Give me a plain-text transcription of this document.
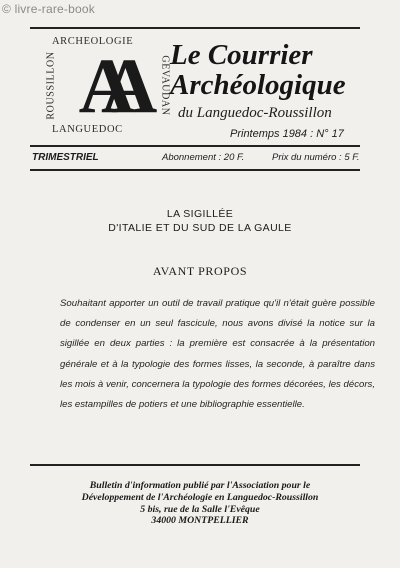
© livre-rare-book
ARCHEOLOGIE
ROUSSILLON	GEVAUDAN
AA
LANGUEDOC
Le Courrier
Archéologique
du Languedoc-Roussillon
Printemps 1984 : N° 17
TRIMESTRIEL	Abonnement : 20 F.	Prix du numéro : 5 F.
LA SIGILLÉE
D'ITALIE ET DU SUD DE LA GAULE
AVANT PROPOS
Souhaitant apporter un outil de travail pratique qu'il n'était guère possible de condenser en un seul fascicule, nous avons divisé la notice sur la sigillée en deux parties : la première est consacrée à la présentation générale et à la typologie des formes lisses, la seconde, à paraître dans les mois à venir, concernera la typologie des formes décorées, les décors, les estampilles de potiers et une bibliographie essentielle.
Bulletin d'information publié par l'Association pour le
Développement de l'Archéologie en Languedoc-Roussillon
5 bis, rue de la Salle l'Evêque
34000 MONTPELLIER
